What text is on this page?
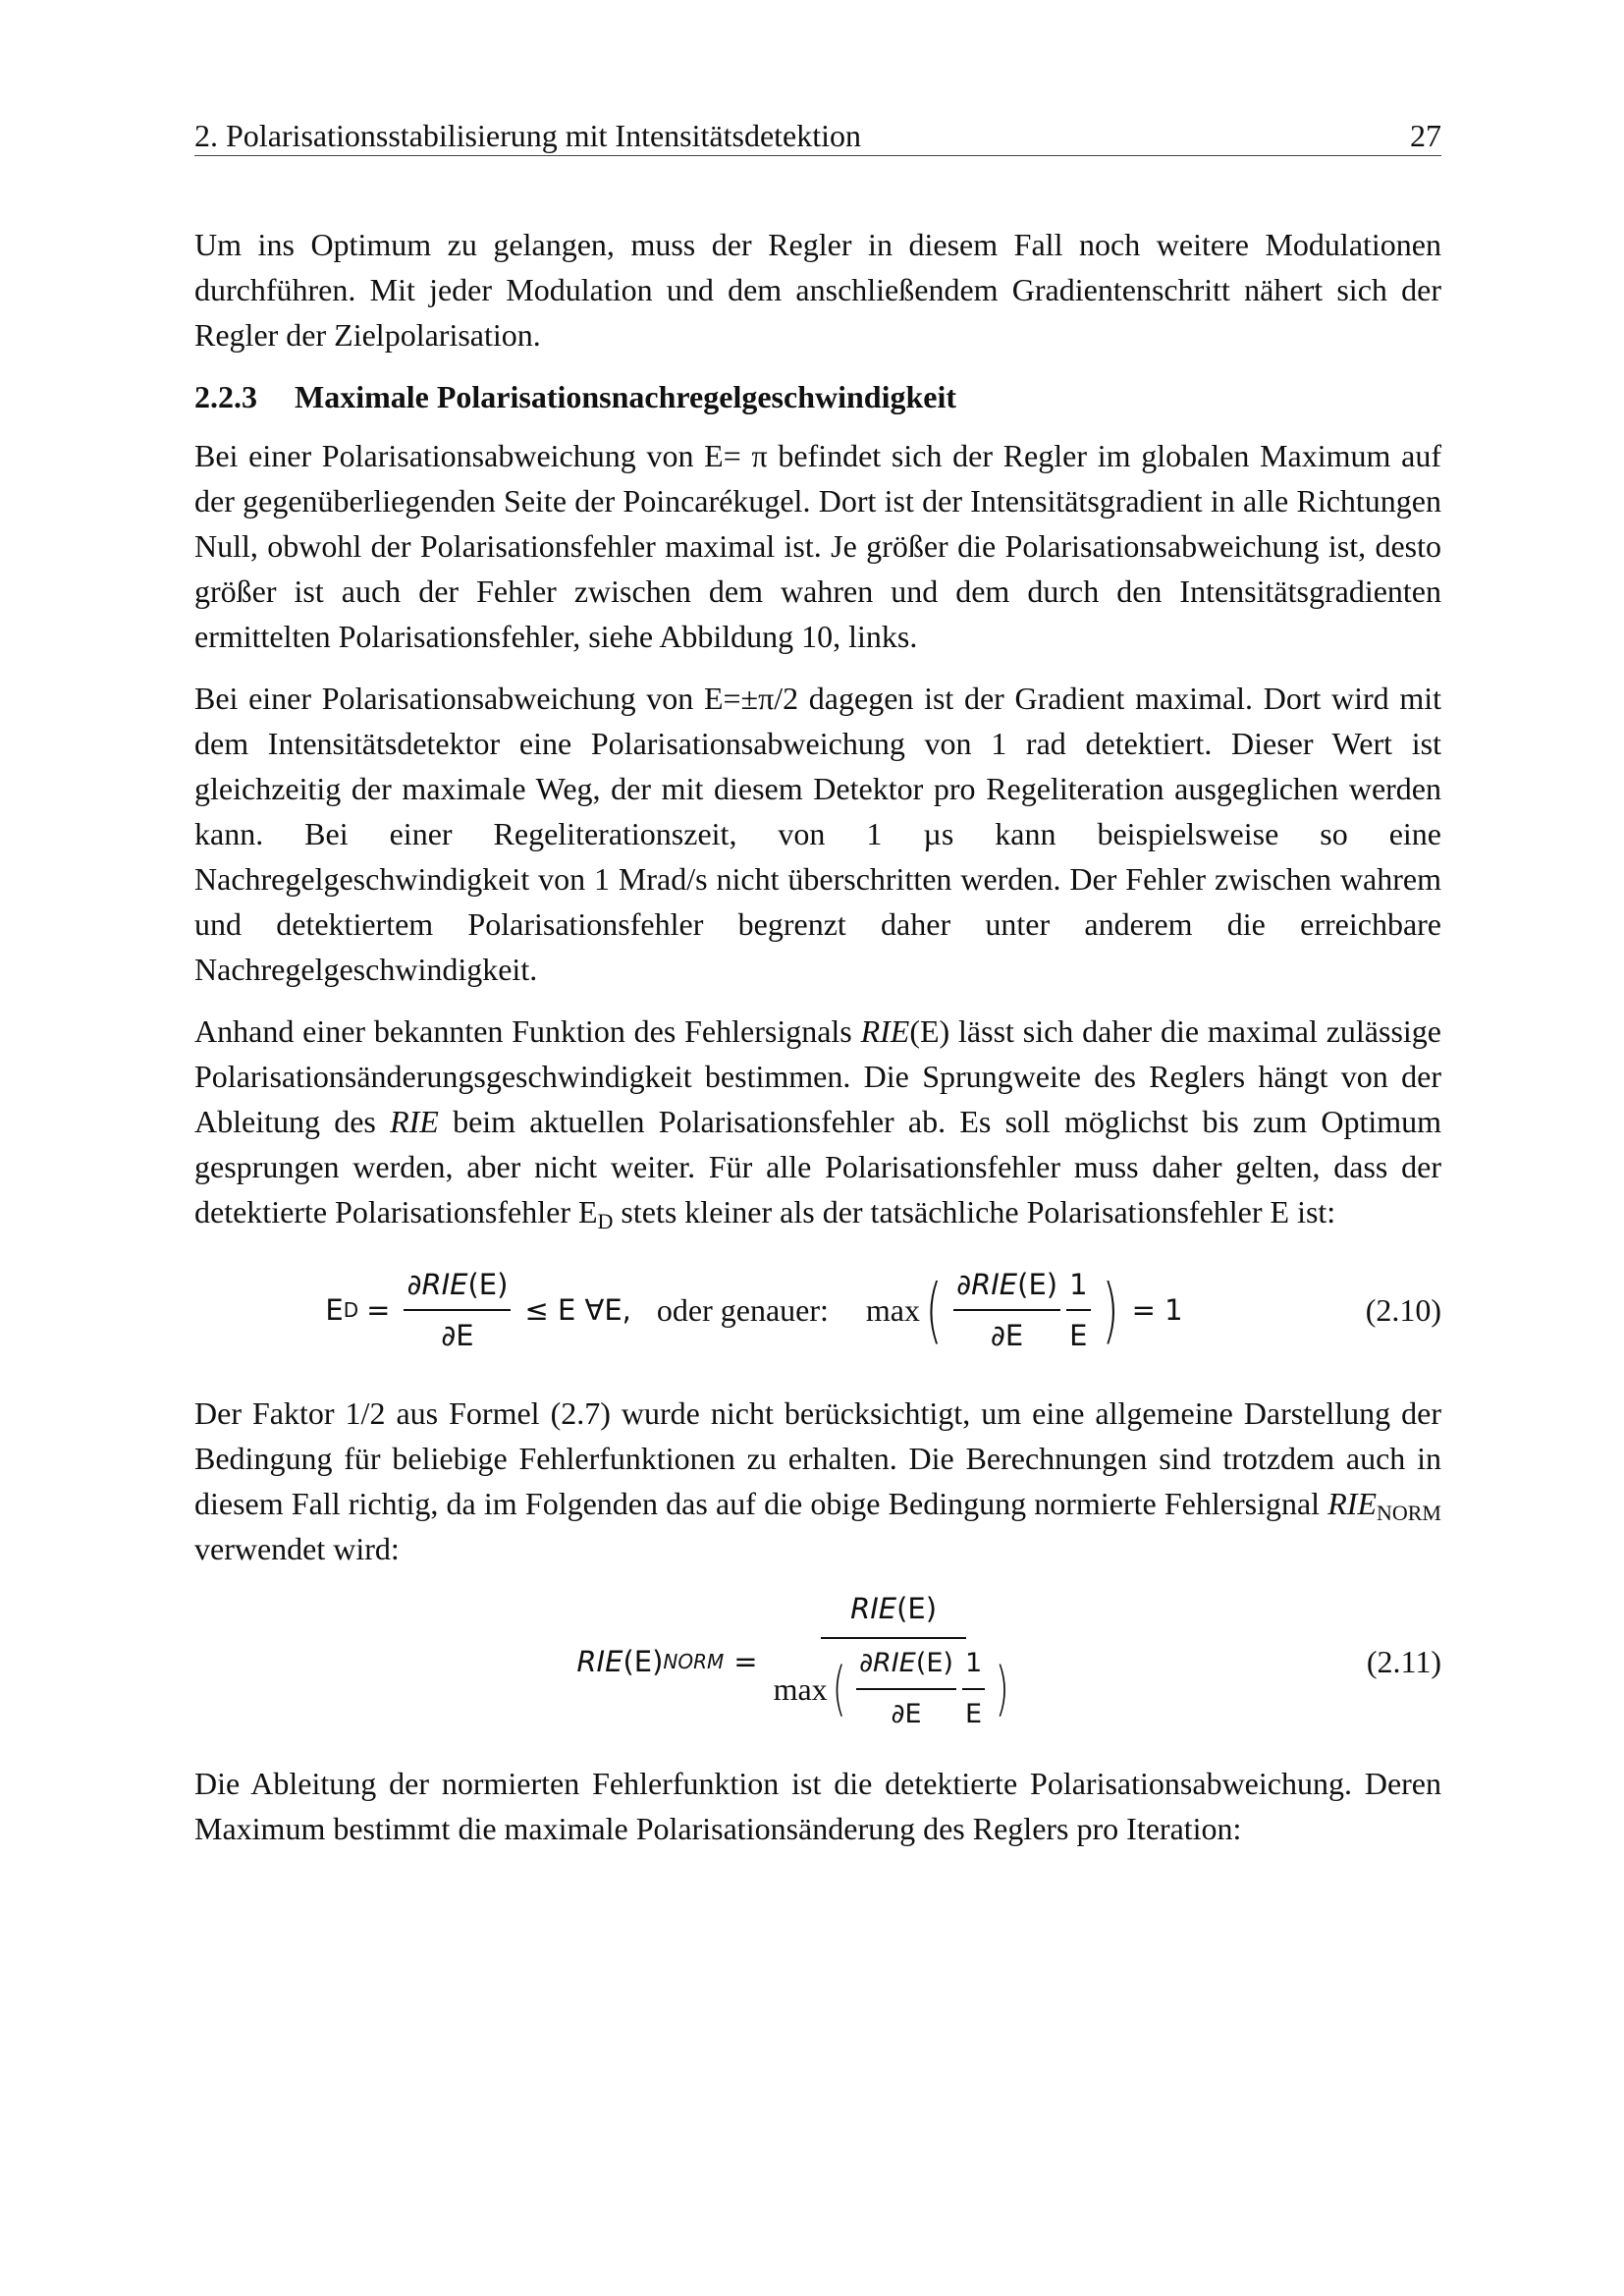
2. Polarisationsstabilisierung mit Intensitätsdetektion	27

Um ins Optimum zu gelangen, muss der Regler in diesem Fall noch weitere Modulationen durchführen. Mit jeder Modulation und dem anschließendem Gradientenschritt nähert sich der Regler der Zielpolarisation.

2.2.3 Maximale Polarisationsnachregelgeschwindigkeit

Bei einer Polarisationsabweichung von E= π befindet sich der Regler im globalen Maximum auf der gegenüberliegenden Seite der Poincarékugel. Dort ist der Intensitätsgradient in alle Richtungen Null, obwohl der Polarisationsfehler maximal ist. Je größer die Polarisationsabweichung ist, desto größer ist auch der Fehler zwischen dem wahren und dem durch den Intensitätsgradienten ermittelten Polarisationsfehler, siehe Abbildung 10, links.

Bei einer Polarisationsabweichung von E=±π/2 dagegen ist der Gradient maximal. Dort wird mit dem Intensitätsdetektor eine Polarisationsabweichung von 1 rad detektiert. Dieser Wert ist gleichzeitig der maximale Weg, der mit diesem Detektor pro Regeliteration ausgeglichen werden kann. Bei einer Regeliterationszeit, von 1 µs kann beispielsweise so eine Nachregelgeschwindigkeit von 1 Mrad/s nicht überschritten werden. Der Fehler zwischen wahrem und detektiertem Polarisationsfehler begrenzt daher unter anderem die erreichbare Nachregelgeschwindigkeit.

Anhand einer bekannten Funktion des Fehlersignals RIE(E) lässt sich daher die maximal zulässige Polarisationsänderungsgeschwindigkeit bestimmen. Die Sprungweite des Reglers hängt von der Ableitung des RIE beim aktuellen Polarisationsfehler ab. Es soll möglichst bis zum Optimum gesprungen werden, aber nicht weiter. Für alle Polarisationsfehler muss daher gelten, dass der detektierte Polarisationsfehler $E_D$ stets kleiner als der tatsächliche Polarisationsfehler E ist:

E $D = \frac{\text{∂RIE(E)}}{\partial E} \le E$ ∀E, oder genauer: max ( $\frac{\text{∂RIE(E)}}{\partial E} \frac{1}{E}$ ) = 1	(2.10)

Der Faktor 1/2 aus Formel (2.7) wurde nicht berücksichtigt, um eine allgemeine Darstellung der Bedingung für beliebige Fehlerfunktionen zu erhalten. Die Berechnungen sind trotzdem auch in diesem Fall richtig, da im Folgenden das auf die obige Bedingung normierte Fehlersignal $RIE_{NORM}$ verwendet wird:

RIE (E) NORM =
RIE(E)
max ( $\frac{\text{∂RIE(E)}}{\partial E} \frac{1}{E}$ )	(2.11)

Die Ableitung der normierten Fehlerfunktion ist die detektierte Polarisationsabweichung. Deren Maximum bestimmt die maximale Polarisationsänderung des Reglers pro Iteration:
